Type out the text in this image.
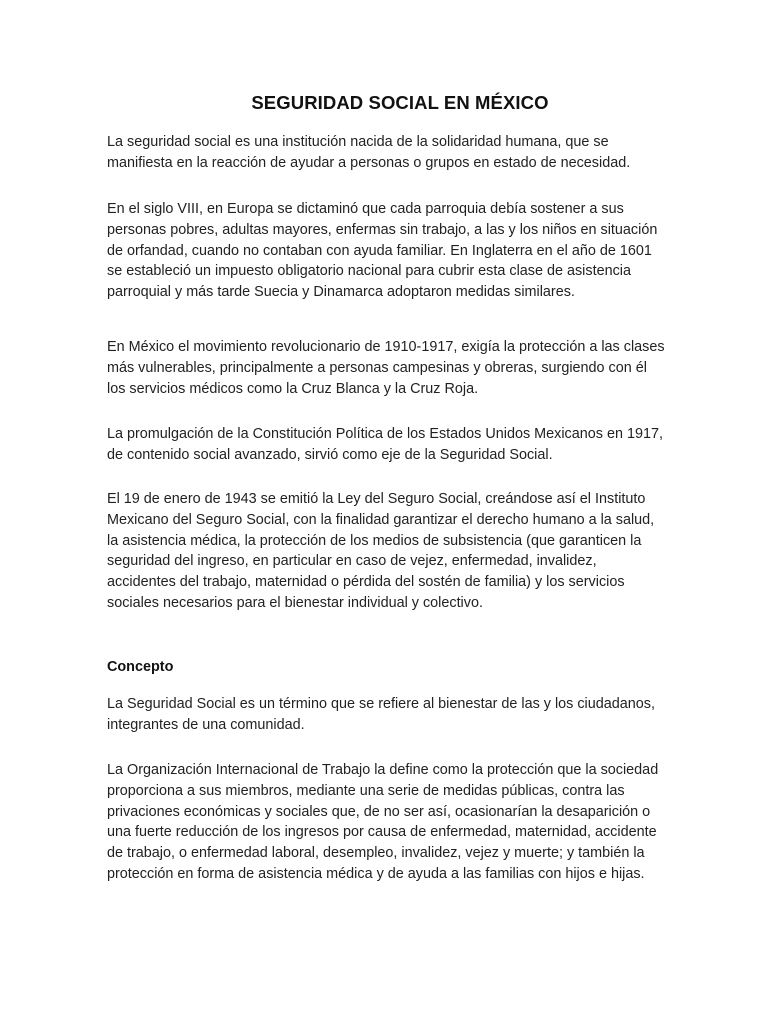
SEGURIDAD SOCIAL EN MÉXICO

La seguridad social es una institución nacida de la solidaridad humana, que se manifiesta en la reacción de ayudar a personas o grupos en estado de necesidad.

En el siglo VIII, en Europa se dictaminó que cada parroquia debía sostener a sus personas pobres, adultas mayores, enfermas sin trabajo, a las y los niños en situación de orfandad, cuando no contaban con ayuda familiar. En Inglaterra en el año de 1601 se estableció un impuesto obligatorio nacional para cubrir esta clase de asistencia parroquial y más tarde Suecia y Dinamarca adoptaron medidas similares.

En México el movimiento revolucionario de 1910-1917, exigía la protección a las clases más vulnerables, principalmente a personas campesinas y obreras, surgiendo con él los servicios médicos como la Cruz Blanca y la Cruz Roja.

La promulgación de la Constitución Política de los Estados Unidos Mexicanos en 1917, de contenido social avanzado, sirvió como eje de la Seguridad Social.

El 19 de enero de 1943 se emitió la Ley del Seguro Social, creándose así el Instituto Mexicano del Seguro Social, con la finalidad garantizar el derecho humano a la salud, la asistencia médica, la protección de los medios de subsistencia (que garanticen la seguridad del ingreso, en particular en caso de vejez, enfermedad, invalidez, accidentes del trabajo, maternidad o pérdida del sostén de familia) y los servicios sociales necesarios para el bienestar individual y colectivo.

Concepto

La Seguridad Social es un término que se refiere al bienestar de las y los ciudadanos, integrantes de una comunidad.

La Organización Internacional de Trabajo la define como la protección que la sociedad proporciona a sus miembros, mediante una serie de medidas públicas, contra las privaciones económicas y sociales que, de no ser así, ocasionarían la desaparición o una fuerte reducción de los ingresos por causa de enfermedad, maternidad, accidente de trabajo, o enfermedad laboral, desempleo, invalidez, vejez y muerte; y también la protección en forma de asistencia médica y de ayuda a las familias con hijos e hijas.
